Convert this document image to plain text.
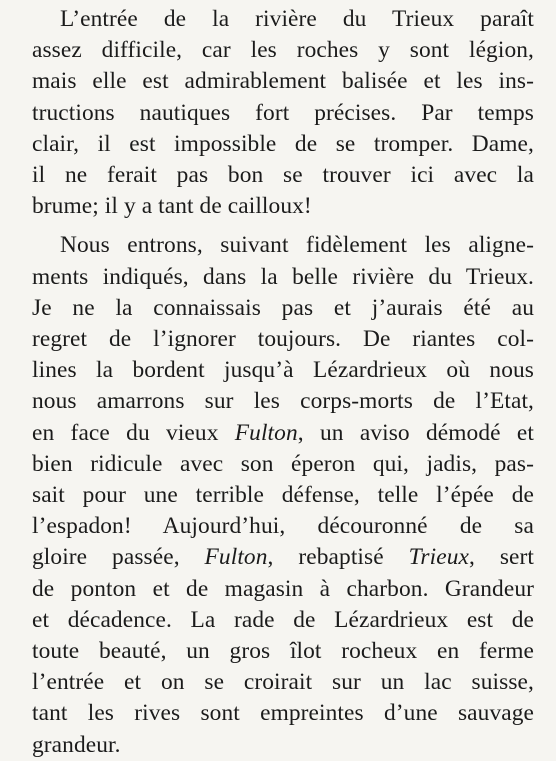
L’entrée de la rivière du Trieux paraît
assez difficile, car les roches y sont légion,
mais elle est admirablement balisée et les ins-
tructions nautiques fort précises. Par temps
clair, il est impossible de se tromper. Dame,
il ne ferait pas bon se trouver ici avec la
brume; il y a tant de cailloux!

Nous entrons, suivant fidèlement les aligne-
ments indiqués, dans la belle rivière du Trieux.
Je ne la connaissais pas et j’aurais été au
regret de l’ignorer toujours. De riantes col-
lines la bordent jusqu’à Lézardrieux où nous
nous amarrons sur les corps-morts de l’Etat,
en face du vieux Fulton, un aviso démodé et
bien ridicule avec son éperon qui, jadis, pas-
sait pour une terrible défense, telle l’épée de
l’espadon! Aujourd’hui, découronné de sa
gloire passée, Fulton, rebaptisé Trieux, sert
de ponton et de magasin à charbon. Grandeur
et décadence. La rade de Lézardrieux est de
toute beauté, un gros îlot rocheux en ferme
l’entrée et on se croirait sur un lac suisse,
tant les rives sont empreintes d’une sauvage
grandeur.
